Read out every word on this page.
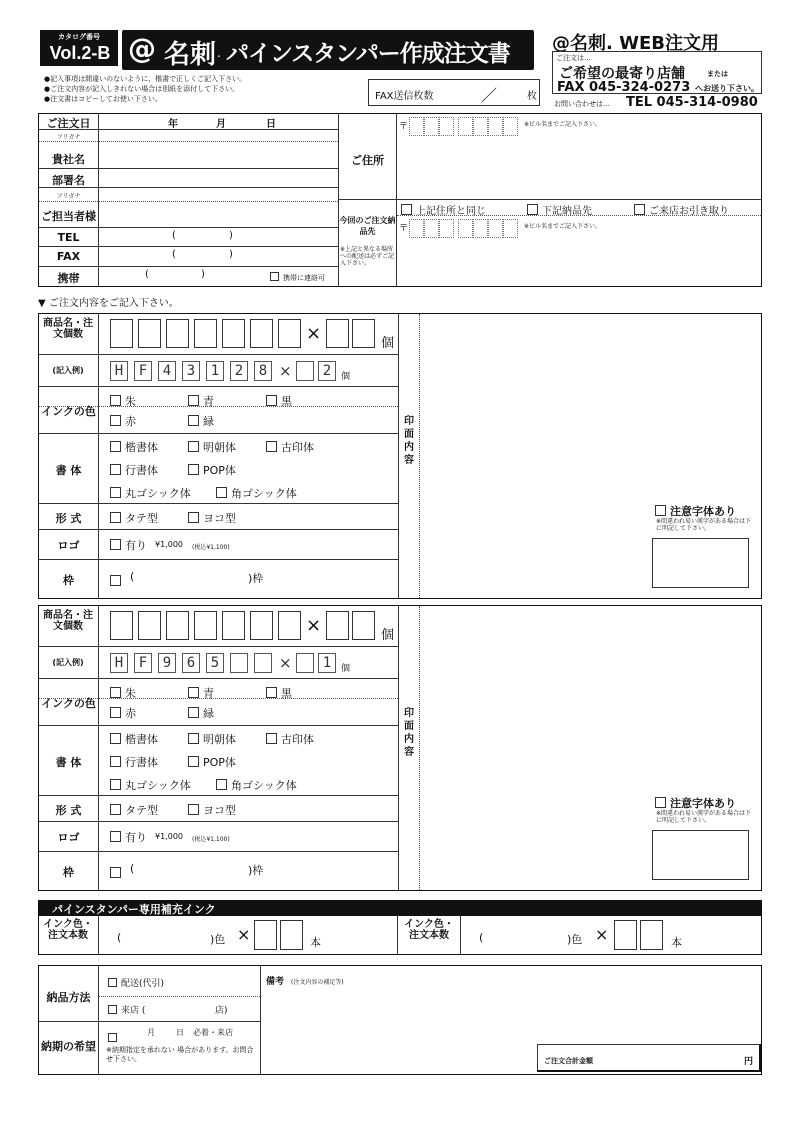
カタログ番号
Vol.2-B @ 名刺 . パインスタンパー作成注文書
●記入事項は間違いのないように、楷書で正しくご記入下さい。
●ご注文内容が記入しきれない場合は別紙を添付して下さい。
●注文書はコピーしてお使い下さい。	FAX送信枚数	／	枚
@名刺. WEB注文用
ご注文は…
ご希望の最寄り店舗	または
FAX 045-324-0273 へお送り下さい。
お問い合わせは… TEL 045-314-0980
ご注文日	年	月	日
フリガナ
貴社名
部署名
フリガナ
ご担当者様
TEL	(	)
FAX	(	)
携帯	(	)	携帯に連絡可
ご住所
〒	※ビル名までご記入下さい。
今回のご注文納品先
※上記と異なる場所への配送は必ずご記入下さい。
上記住所と同じ	下記納品先	ご来店お引き取り
〒	※ビル名までご記入下さい。
▼ ご注文内容をご記入下さい。
商品名・注文個数	×	個
(記入例)	H	F	4	3	1	2	8 ×	2	個
インクの色
朱	青	黒
赤	緑
書 体
楷書体	明朝体	古印体
行書体	POP体
丸ゴシック体	角ゴシック体
形 式	タテ型	ヨコ型
ロゴ	有り ¥1,000 (税込¥1,100)
枠	(	)枠
印面内容
注意字体あり
※間違われ易い漢字がある場合は下に明記して下さい。
商品名・注文個数	×	個
(記入例)	H	F	9	6	5	×	1	個
インクの色
朱	青	黒
赤	緑
書 体
楷書体	明朝体	古印体
行書体	POP体
丸ゴシック体	角ゴシック体
形 式	タテ型	ヨコ型
ロゴ	有り ¥1,000 (税込¥1,100)
枠	(	)枠
印面内容
注意字体あり
※間違われ易い漢字がある場合は下に明記して下さい。
パインスタンパー専用補充インク
インク色・注文本数	(	)色 ×	本
インク色・注文本数	(	)色 ×	本
納品方法
配送(代引)
来店 (	店)
納期の希望
月	日 必着・来店
※納期指定を承れない 場合があります。お問合せ下さい。
備考 (注文内容の補足等)
ご注文合計金額	円
